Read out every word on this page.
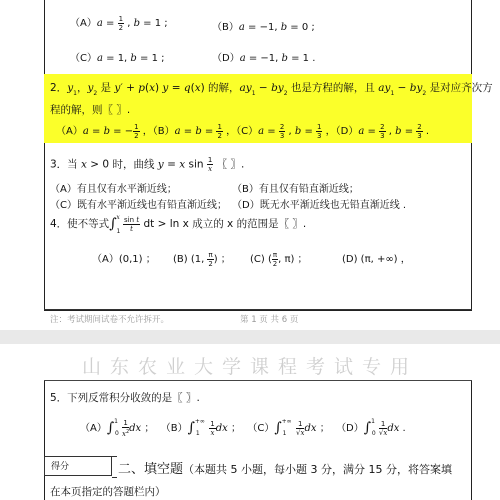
$(A)a = \frac{1}{2}$ , b = 1 ;	（B）a = −1, b = 0 ;
（C）a = 1, b = 1 ;	（D）a = −1, b = 1 .
2．$y_1$，$y_2$ 是 y′ + p(x) y = q(x) 的解，$ay_1 - by_2$ 也是方程的解，且 $ay_1 - by_2$ 是对应齐次方
程的解，则〖 〗.
（A）a = b = − $\frac{1}{2}$ ，$(B)a = b = \frac{1}{2}$ ，$(C)a = \frac{2}{3}$ , $b = \frac{1}{3}$ ，$(D)a = \frac{2}{3}$ , $b = \frac{2}{3}$ .
3．当 x > 0 时，曲线 y = x $\sin \frac{1}{x}$ 〖 〗.
（A）有且仅有水平渐近线；	（B）有且仅有铅直渐近线；
（C）既有水平渐近线也有铅直渐近线； （D）既无水平渐近线也无铅直渐近线 .
4．使不等式$\int_1^x \frac{\text{sin t}}{t}$ dt > ln x 成立的 x 的范围是〖 〗.
（A）(0,1) ； (B) (1, $\frac{\pi}{2}$ ) ； (C) ( $\frac{\pi}{2}$ , π) ；	(D) (π, +∞) ，
注：考试期间试卷不允许拆开。	第 1 页 共 6 页
山东农业大学课程考试专用
5．下列反常积分收敛的是〖 〗.
$(A)\int^1_0 \frac{1}{x^2}$ dx ；  $(B)\int^{+\infty}_1 \frac{1}{x}$ dx ；  $(C)\int^{+\infty}_1 \frac{1}{√x}$ dx ；  $(D)\int^1_0 \frac{1}{√x}$ dx .
得分	二、填空题（本题共 5 小题，每小题 3 分，满分 15 分，将答案填
在本页指定的答题栏内）
